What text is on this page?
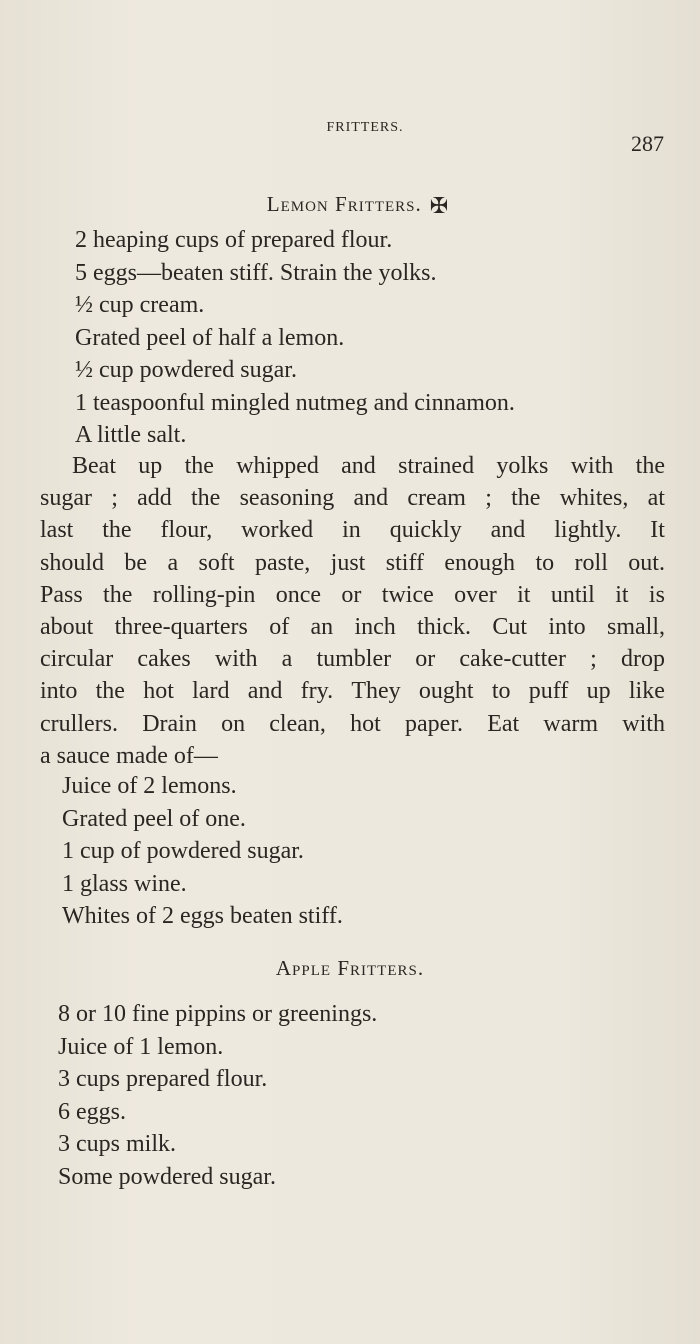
FRITTERS.
287
Lemon Fritters. ✠
2 heaping cups of prepared flour.
5 eggs—beaten stiff. Strain the yolks.
½ cup cream.
Grated peel of half a lemon.
½ cup powdered sugar.
1 teaspoonful mingled nutmeg and cinnamon.
A little salt.
Beat up the whipped and strained yolks with the
sugar ; add the seasoning and cream ; the whites, at
last the flour, worked in quickly and lightly. It
should be a soft paste, just stiff enough to roll out.
Pass the rolling-pin once or twice over it until it is
about three-quarters of an inch thick. Cut into small,
circular cakes with a tumbler or cake-cutter ; drop
into the hot lard and fry. They ought to puff up like
crullers. Drain on clean, hot paper. Eat warm with
a sauce made of—
Juice of 2 lemons.
Grated peel of one.
1 cup of powdered sugar.
1 glass wine.
Whites of 2 eggs beaten stiff.
Apple Fritters.
8 or 10 fine pippins or greenings.
Juice of 1 lemon.
3 cups prepared flour.
6 eggs.
3 cups milk.
Some powdered sugar.
